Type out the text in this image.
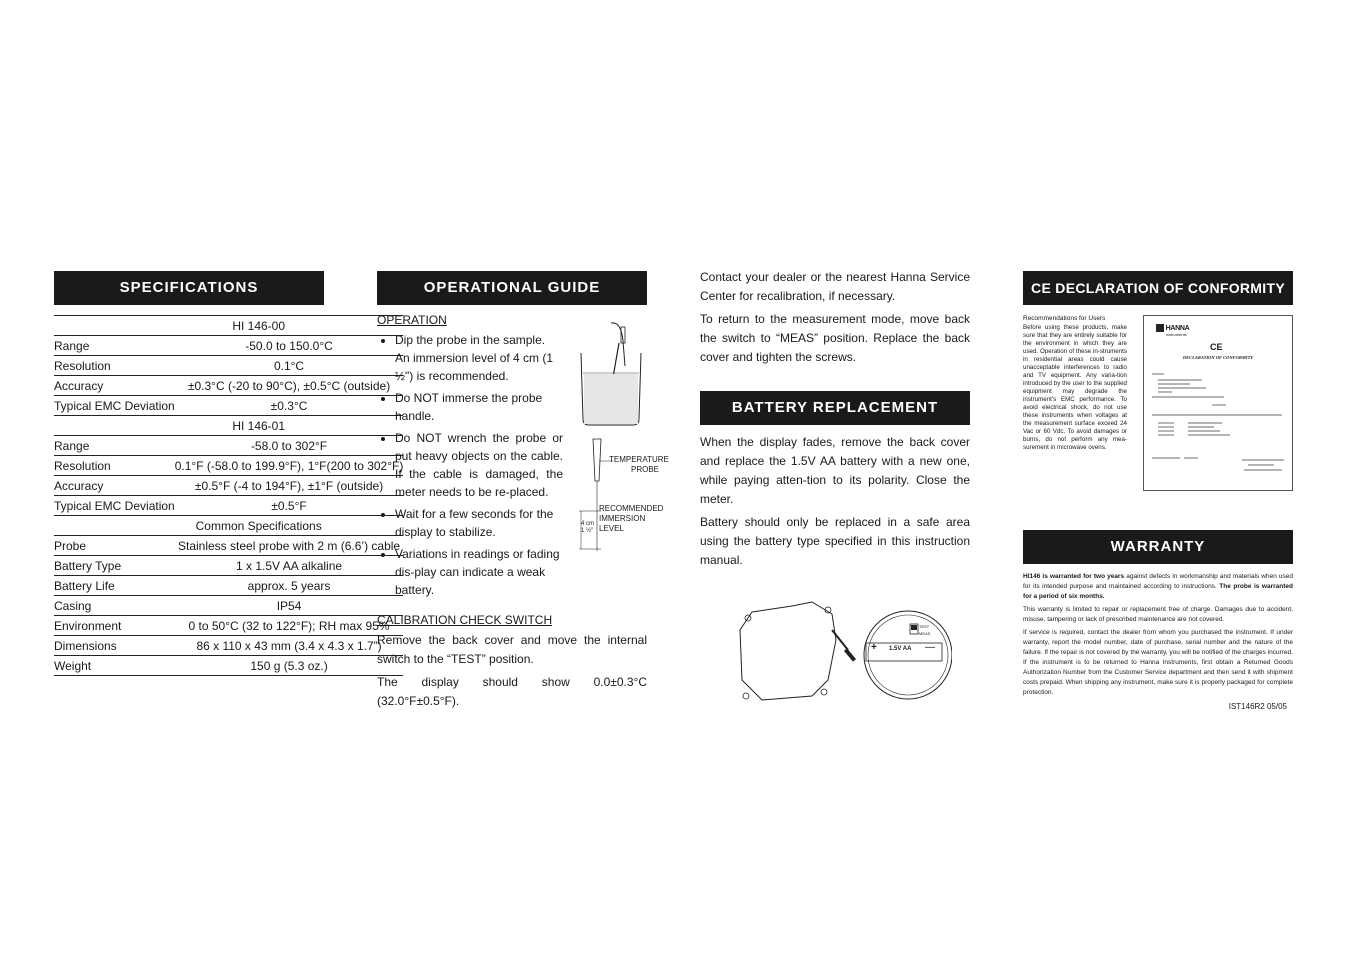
SPECIFICATIONS
HI 146-00	
Range	-50.0 to 150.0°C
Resolution	0.1°C
Accuracy	±0.3°C (-20 to 90°C), ±0.5°C (outside)
Typical EMC Deviation	±0.3°C
HI 146-01	
Range	-58.0 to 302°F
Resolution	0.1°F (-58.0 to 199.9°F), 1°F(200 to 302°F)
Accuracy	±0.5°F (-4 to 194°F), ±1°F (outside)
Typical EMC Deviation	±0.5°F
Common Specifications	
Probe	Stainless steel probe with 2 m (6.6’) cable
Battery Type	1 x 1.5V AA alkaline
Battery Life	approx. 5 years
Casing	IP54
Environment	0 to 50°C (32 to 122°F); RH max 95%
Dimensions	86 x 110 x 43 mm (3.4 x 4.3 x 1.7”)
Weight	150 g (5.3 oz.)
OPERATIONAL GUIDE
OPERATION
• Dip the probe in the sample.
An immersion level of 4 cm (1 ½") is recommended.
• Do NOT immerse the probe handle.
• Do NOT wrench the probe or put heavy objects on the cable. If the cable is damaged, the meter needs to be re-placed.
• Wait for a few seconds for the display to stabilize.
• Variations in readings or fading dis-play can indicate a weak battery.
TEMPERATURE PROBE
RECOMMENDED IMMERSION LEVEL
4 cm
1 ½"
CALIBRATION CHECK SWITCH

Remove the back cover and move the internal switch to the “TEST” position.

The display should show 0.0±0.3°C (32.0°F±0.5°F).

Contact your dealer or the nearest Hanna Service Center for recalibration, if necessary.

To return to the measurement mode, move back the switch to “MEAS” position. Replace the back cover and tighten the screws.

BATTERY REPLACEMENT

When the display fades, remove the back cover and replace the 1.5V AA battery with a new one, while paying atten-tion to its polarity. Close the meter.

Battery should only be replaced in a safe area using the battery type specified in this instruction manual.

+ 1.5V AA —
TEST
MEAS
CE DECLARATION OF CONFORMITY
Recommendations for Users
Before using these products, make sure that they are entirely suitable for the environment in which they are used. Operation of these in-struments in residential areas could cause unacceptable interferences to radio and TV equipment. Any varia-tion introduced by the user to the supplied equipment may degrade the instrument’s EMC performance. To avoid electrical shock, do not use these instruments when voltages at the measurement surface exceed 24 Vac or 60 Vdc. To avoid damages or burns, do not perform any mea-surement in microwave ovens.
HANNA
instruments
CE
DECLARATION OF CONFORMITY
WARRANTY
HI146 is warranted for two years against defects in workmanship and materials when used for its intended purpose and maintained according to instructions. The probe is warranted for a period of six months.
This warranty is limited to repair or replacement free of charge. Damages due to accident, misuse, tampering or lack of prescribed maintenance are not covered.
If service is required, contact the dealer from whom you purchased the instrument. If under warranty, report the model number, date of purchase, serial number and the nature of the failure. If the repair is not covered by the warranty, you will be notified of the charges incurred. If the instrument is to be returned to Hanna Instruments, first obtain a Returned Goods Authorization Number from the Customer Service department and then send it with shipment costs prepaid. When shipping any instrument, make sure it is properly packaged for complete protection.
IST146R2 05/05
